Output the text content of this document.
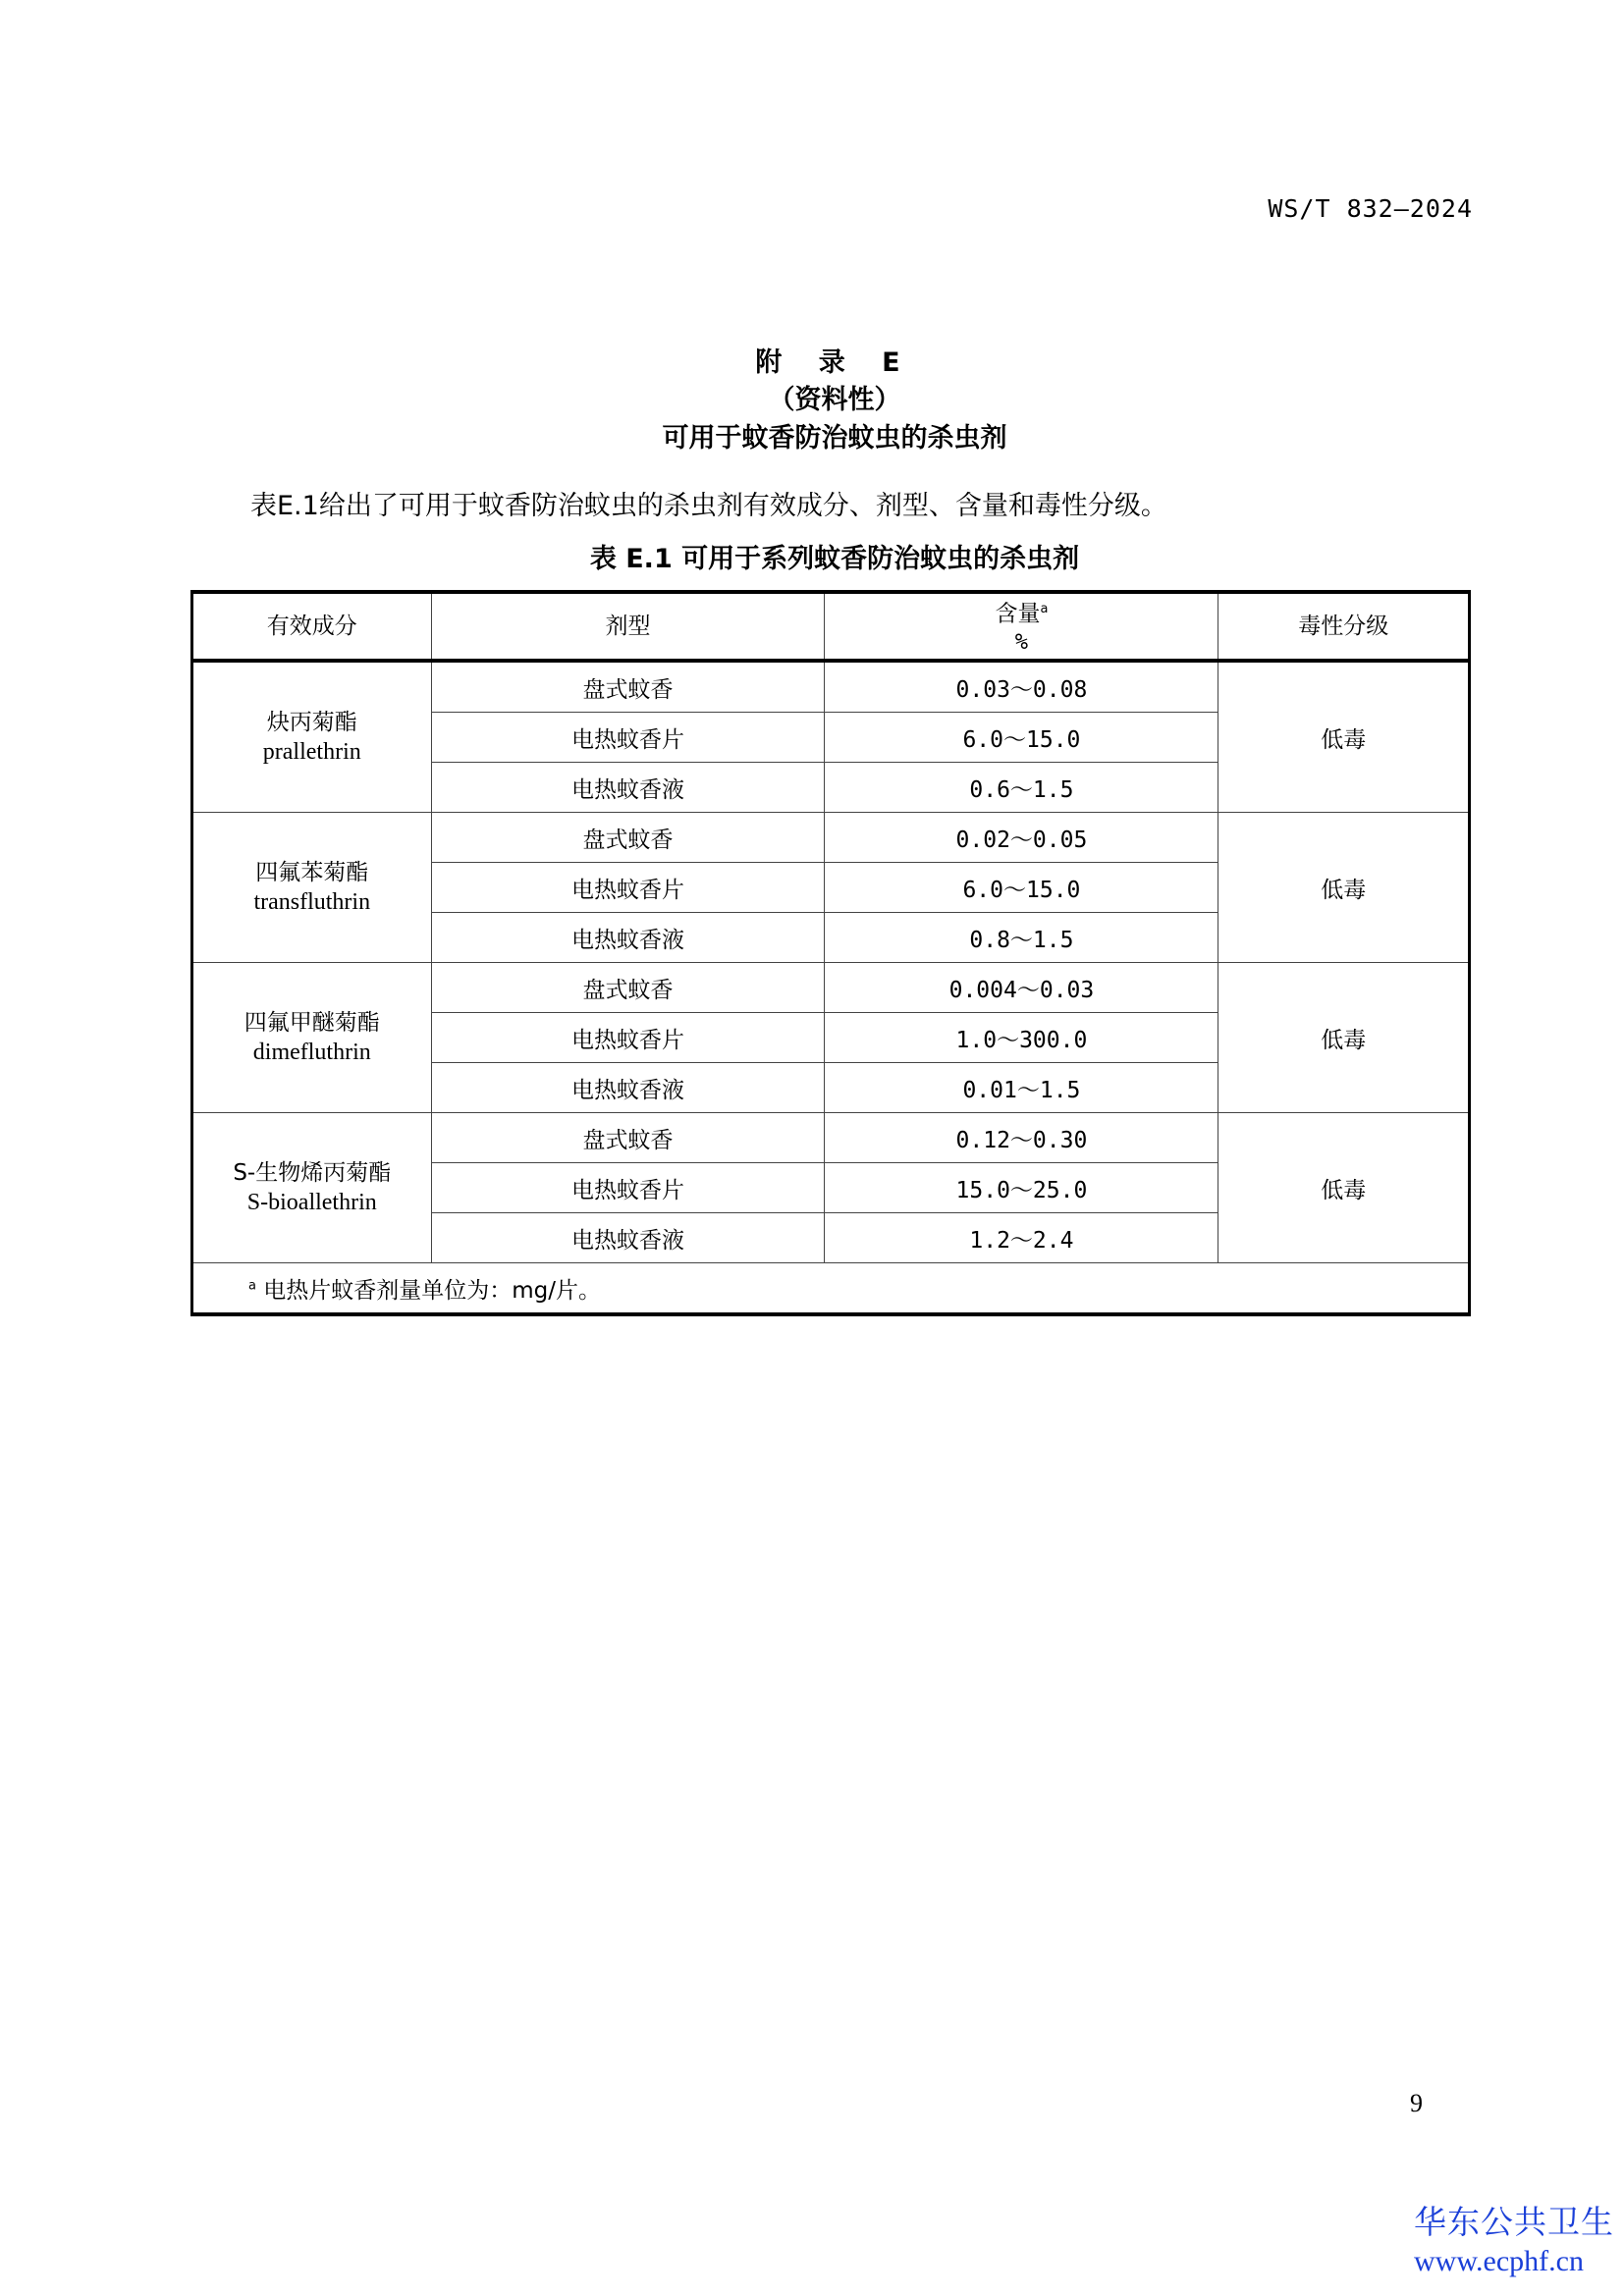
WS/T 832—2024
附 录 E
（资料性）
可用于蚊香防治蚊虫的杀虫剂
表E.1给出了可用于蚊香防治蚊虫的杀虫剂有效成分、剂型、含量和毒性分级。
表 E.1 可用于系列蚊香防治蚊虫的杀虫剂
有效成分	剂型	含量$^a$
%	毒性分级

炔丙菊酯
prallethrin	盘式蚊香	0.03～0.08	低毒
	电热蚊香片	6.0～15.0	
	电热蚊香液	0.6～1.5	

四氟苯菊酯
transfluthrin	盘式蚊香	0.02～0.05	低毒
	电热蚊香片	6.0～15.0	
	电热蚊香液	0.8～1.5	

四氟甲醚菊酯
dimefluthrin	盘式蚊香	0.004～0.03	低毒
	电热蚊香片	1.0～300.0	
	电热蚊香液	0.01～1.5	

S-生物烯丙菊酯
S-bioallethrin	盘式蚊香	0.12～0.30	低毒
	电热蚊香片	15.0～25.0	
	电热蚊香液	1.2～2.4	
$^a$ 电热片蚊香剂量单位为：mg/片。			
9
华东公共卫生
www.ecphf.cn
